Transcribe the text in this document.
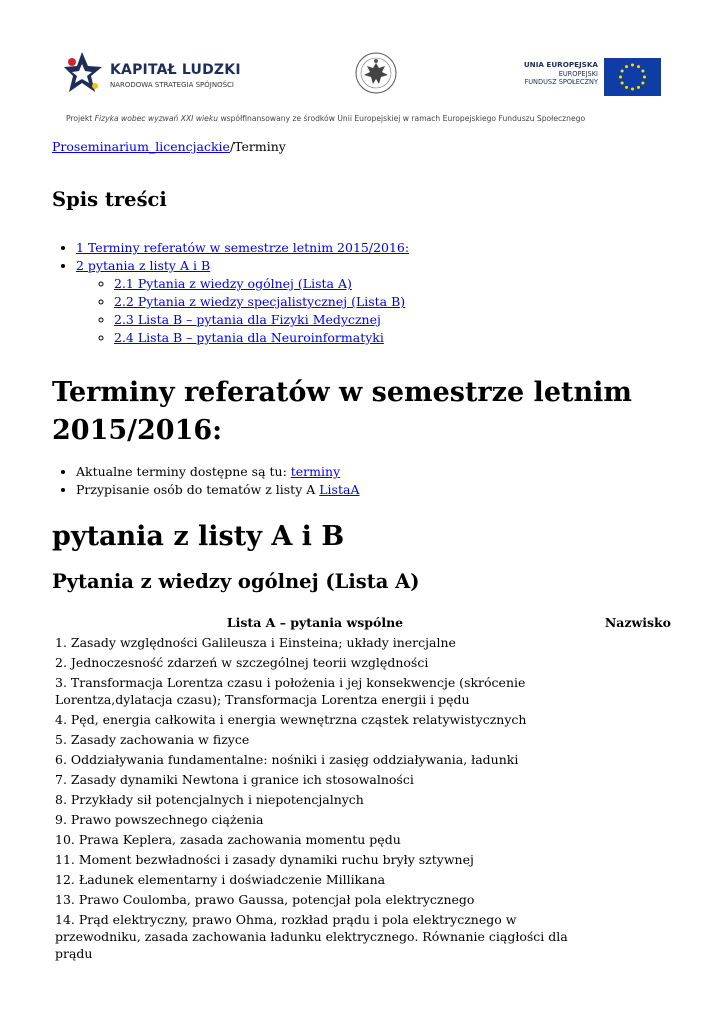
KAPITAŁ LUDZKI
NARODOWA STRATEGIA SPÓJNOŚCI
UNIA EUROPEJSKA
EUROPEJSKI
FUNDUSZ SPOŁECZNY
Projekt Fizyka wobec wyzwań XXI wieku współfinansowany ze środków Unii Europejskiej w ramach Europejskiego Funduszu Społecznego

Proseminarium_licencjackie/Terminy

Spis treści
• 1 Terminy referatów w semestrze letnim 2015/2016:
• 2 pytania z listy A i B
◦ 2.1 Pytania z wiedzy ogólnej (Lista A)
◦ 2.2 Pytania z wiedzy specjalistycznej (Lista B)
◦ 2.3 Lista B – pytania dla Fizyki Medycznej
◦ 2.4 Lista B – pytania dla Neuroinformatyki
Terminy referatów w semestrze letnim 2015/2016:
• Aktualne terminy dostępne są tu: terminy
• Przypisanie osób do tematów z listy A ListaA
pytania z listy A i B
Pytania z wiedzy ogólnej (Lista A)
Lista A – pytania wspólne	Nazwisko
1. Zasady względności Galileusza i Einsteina; układy inercjalne	
2. Jednoczesność zdarzeń w szczególnej teorii względności	
3. Transformacja Lorentza czasu i położenia i jej konsekwencje (skrócenie Lorentza,dylatacja czasu); Transformacja Lorentza energii i pędu	
4. Pęd, energia całkowita i energia wewnętrzna cząstek relatywistycznych	
5. Zasady zachowania w fizyce	
6. Oddziaływania fundamentalne: nośniki i zasięg oddziaływania, ładunki	
7. Zasady dynamiki Newtona i granice ich stosowalności	
8. Przykłady sił potencjalnych i niepotencjalnych	
9. Prawo powszechnego ciążenia	
10. Prawa Keplera, zasada zachowania momentu pędu	
11. Moment bezwładności i zasady dynamiki ruchu bryły sztywnej	
12. Ładunek elementarny i doświadczenie Millikana	
13. Prawo Coulomba, prawo Gaussa, potencjał pola elektrycznego	
14. Prąd elektryczny, prawo Ohma, rozkład prądu i pola elektrycznego w przewodniku, zasada zachowania ładunku elektrycznego. Równanie ciągłości dla prądu	
